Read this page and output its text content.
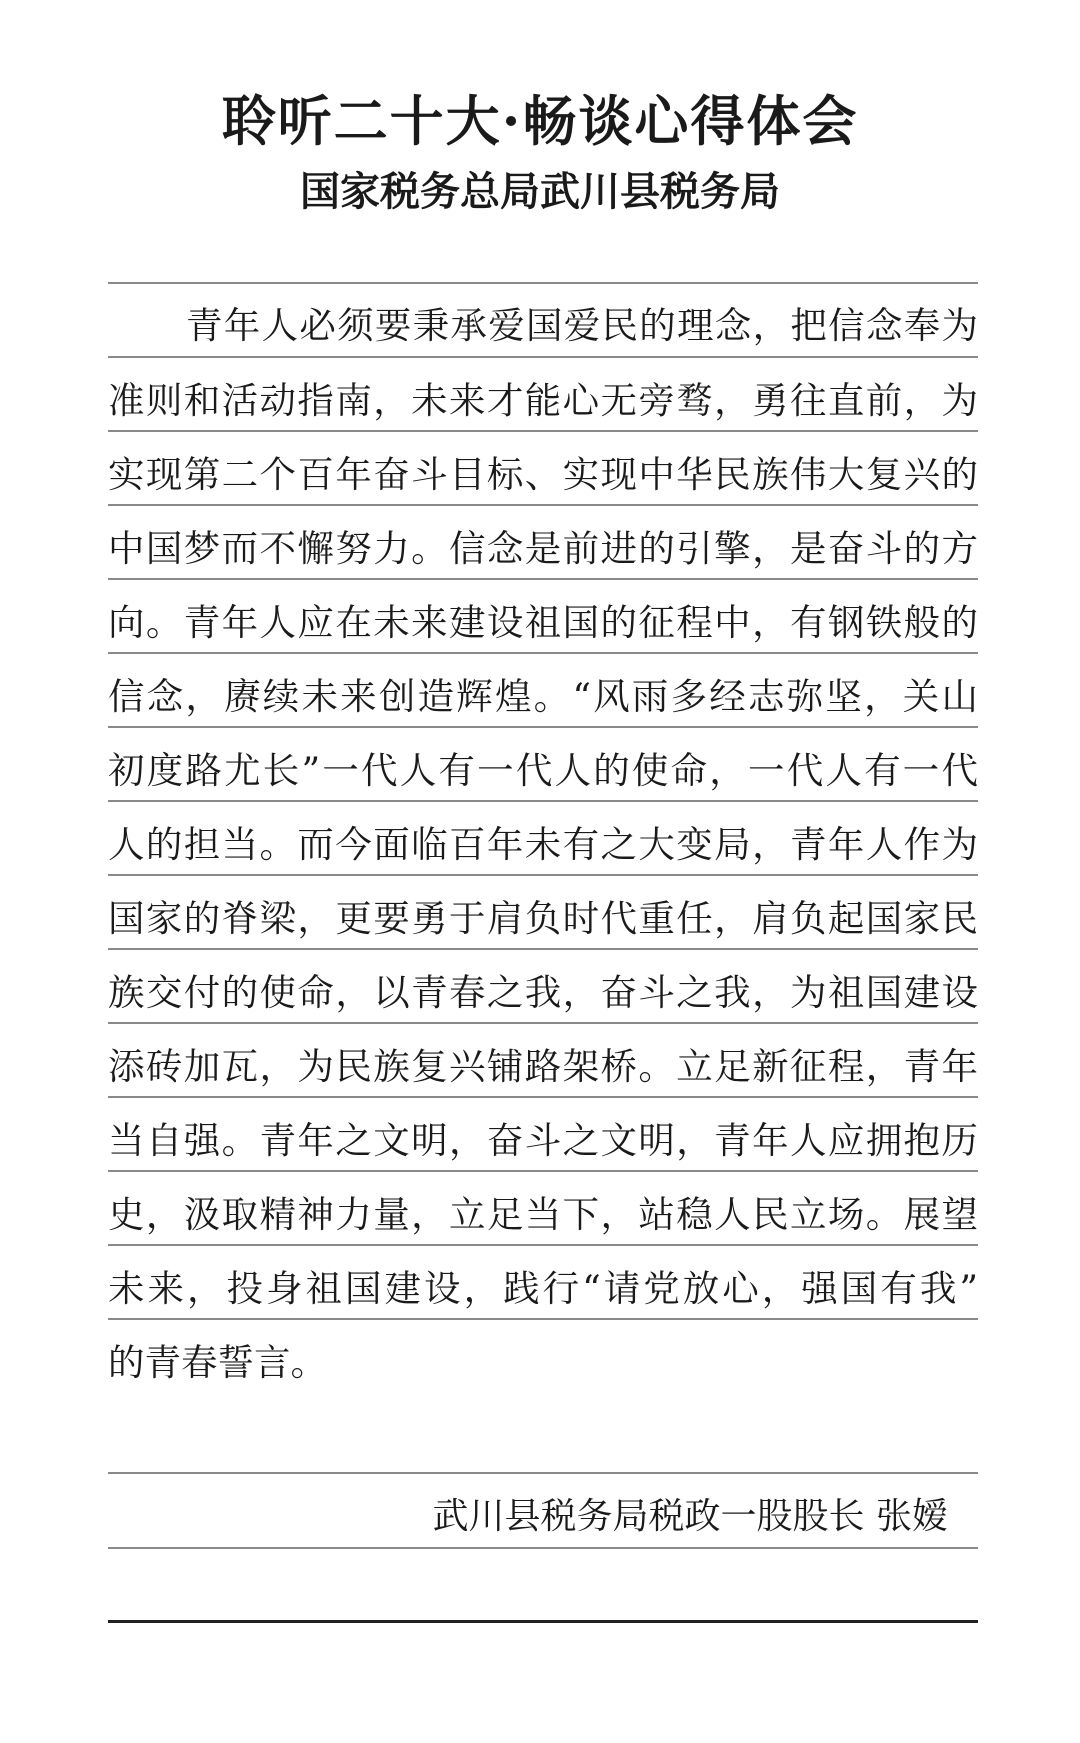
聆听二十大·畅谈心得体会
国家税务总局武川县税务局
青年人必须要秉承爱国爱民的理念，把信念奉为
准则和活动指南，未来才能心无旁骛，勇往直前，为
实现第二个百年奋斗目标、实现中华民族伟大复兴的
中国梦而不懈努力。信念是前进的引擎，是奋斗的方
向。青年人应在未来建设祖国的征程中，有钢铁般的
信念，赓续未来创造辉煌。“风雨多经志弥坚，关山
初度路尤长”一代人有一代人的使命，一代人有一代
人的担当。而今面临百年未有之大变局，青年人作为
国家的脊梁，更要勇于肩负时代重任，肩负起国家民
族交付的使命，以青春之我，奋斗之我，为祖国建设
添砖加瓦，为民族复兴铺路架桥。立足新征程，青年
当自强。青年之文明，奋斗之文明，青年人应拥抱历
史，汲取精神力量，立足当下，站稳人民立场。展望
未来，投身祖国建设，践行“请党放心，强国有我”
的青春誓言。
武川县税务局税政一股股长 张嫒
